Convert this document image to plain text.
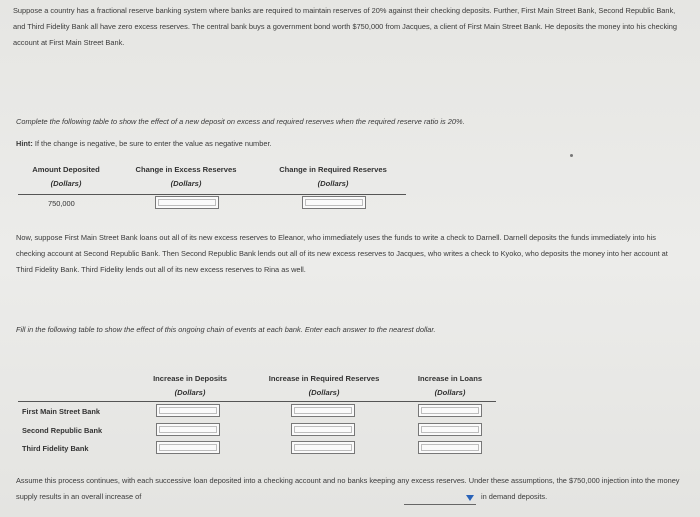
Suppose a country has a fractional reserve banking system where banks are required to maintain reserves of 20% against their checking deposits. Further, First Main Street Bank, Second Republic Bank, and Third Fidelity Bank all have zero excess reserves. The central bank buys a government bond worth $750,000 from Jacques, a client of First Main Street Bank. He deposits the money into his checking account at First Main Street Bank.
Complete the following table to show the effect of a new deposit on excess and required reserves when the required reserve ratio is 20%.
Hint: If the change is negative, be sure to enter the value as negative number.
Amount Deposited
(Dollars)
Change in Excess Reserves
(Dollars)
Change in Required Reserves
(Dollars)
750,000
Now, suppose First Main Street Bank loans out all of its new excess reserves to Eleanor, who immediately uses the funds to write a check to Darnell. Darnell deposits the funds immediately into his checking account at Second Republic Bank. Then Second Republic Bank lends out all of its new excess reserves to Jacques, who writes a check to Kyoko, who deposits the money into her account at Third Fidelity Bank. Third Fidelity lends out all of its new excess reserves to Rina as well.
Fill in the following table to show the effect of this ongoing chain of events at each bank. Enter each answer to the nearest dollar.
Increase in Deposits
(Dollars)
Increase in Required Reserves
(Dollars)
Increase in Loans
(Dollars)
First Main Street Bank
Second Republic Bank
Third Fidelity Bank
Assume this process continues, with each successive loan deposited into a checking account and no banks keeping any excess reserves. Under these assumptions, the $750,000 injection into the money supply results in an overall increase of	in demand deposits.
